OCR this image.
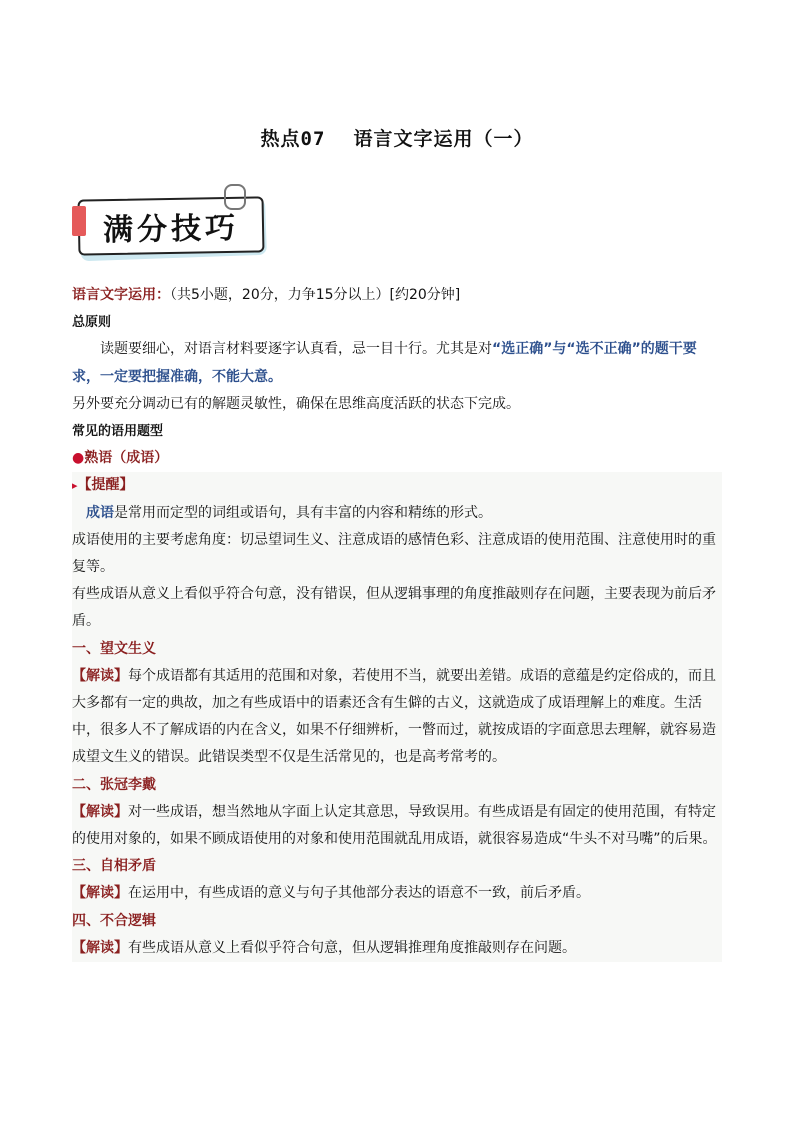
热点07 语言文字运用（一）
满分技巧

语言文字运用：（共5小题，20分，力争15分以上）[约20分钟]

总原则

读题要细心，对语言材料要逐字认真看，忌一目十行。尤其是对“选正确”与“选不正确”的题干要求，一定要把握准确，不能大意。

另外要充分调动已有的解题灵敏性，确保在思维高度活跃的状态下完成。

常见的语用题型

●熟语（成语）

▸【提醒】

成语是常用而定型的词组或语句，具有丰富的内容和精练的形式。

成语使用的主要考虑角度：切忌望词生义、注意成语的感情色彩、注意成语的使用范围、注意使用时的重复等。

有些成语从意义上看似乎符合句意，没有错误，但从逻辑事理的角度推敲则存在问题，主要表现为前后矛盾。

一、望文生义

【解读】每个成语都有其适用的范围和对象，若使用不当，就要出差错。成语的意蕴是约定俗成的，而且大多都有一定的典故，加之有些成语中的语素还含有生僻的古义，这就造成了成语理解上的难度。生活中，很多人不了解成语的内在含义，如果不仔细辨析，一瞥而过，就按成语的字面意思去理解，就容易造成望文生义的错误。此错误类型不仅是生活常见的，也是高考常考的。

二、张冠李戴

【解读】对一些成语，想当然地从字面上认定其意思，导致误用。有些成语是有固定的使用范围，有特定的使用对象的，如果不顾成语使用的对象和使用范围就乱用成语，就很容易造成“牛头不对马嘴”的后果。

三、自相矛盾

【解读】在运用中，有些成语的意义与句子其他部分表达的语意不一致，前后矛盾。

四、不合逻辑

【解读】有些成语从意义上看似乎符合句意，但从逻辑推理角度推敲则存在问题。
